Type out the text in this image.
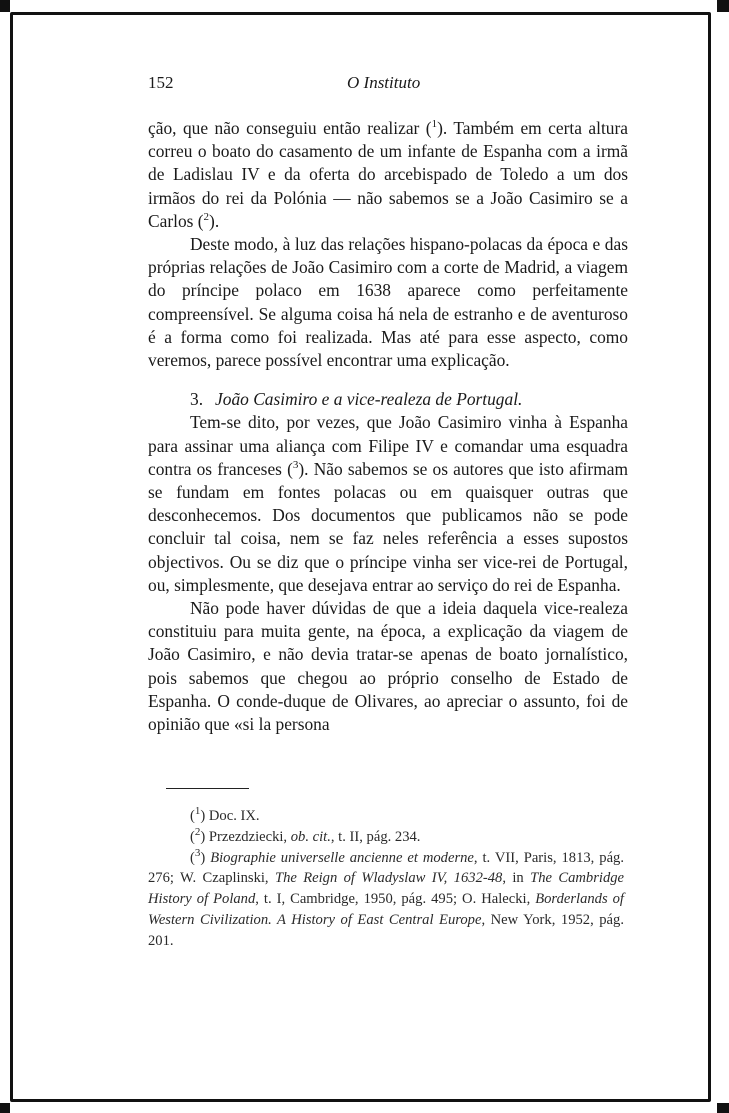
152	O Instituto

ção, que não conseguiu então realizar ($^1$). Também em certa altura correu o boato do casamento de um infante de Espanha com a irmã de Ladislau IV e da oferta do arcebispado de Toledo a um dos irmãos do rei da Polónia — não sabemos se a João Casimiro se a Carlos ($^2$).

Deste modo, à luz das relações hispano-polacas da época e das próprias relações de João Casimiro com a corte de Madrid, a viagem do príncipe polaco em 1638 aparece como perfeitamente compreensível. Se alguma coisa há nela de estranho e de aventuroso é a forma como foi realizada. Mas até para esse aspecto, como veremos, parece possível encontrar uma explicação.

3. João Casimiro e a vice-realeza de Portugal.

Tem-se dito, por vezes, que João Casimiro vinha à Espanha para assinar uma aliança com Filipe IV e comandar uma esquadra contra os franceses ($^3$). Não sabemos se os autores que isto afirmam se fundam em fontes polacas ou em quaisquer outras que desconhecemos. Dos documentos que publicamos não se pode concluir tal coisa, nem se faz neles referência a esses supostos objectivos. Ou se diz que o príncipe vinha ser vice-rei de Portugal, ou, simplesmente, que desejava entrar ao serviço do rei de Espanha.

Não pode haver dúvidas de que a ideia daquela vice-realeza constituiu para muita gente, na época, a explicação da viagem de João Casimiro, e não devia tratar-se apenas de boato jornalístico, pois sabemos que chegou ao próprio conselho de Estado de Espanha. O conde-duque de Olivares, ao apreciar o assunto, foi de opinião que «si la persona

($^1$) Doc. IX.

($^2$) Przezdziecki, ob. cit., t. II, pág. 234.

($^3$) Biographie universelle ancienne et moderne, t. VII, Paris, 1813, pág. 276; W. Czaplinski, The Reign of Wladyslaw IV, 1632-48, in The Cambridge History of Poland, t. I, Cambridge, 1950, pág. 495; O. Halecki, Borderlands of Western Civilization. A History of East Central Europe, New York, 1952, pág. 201.
